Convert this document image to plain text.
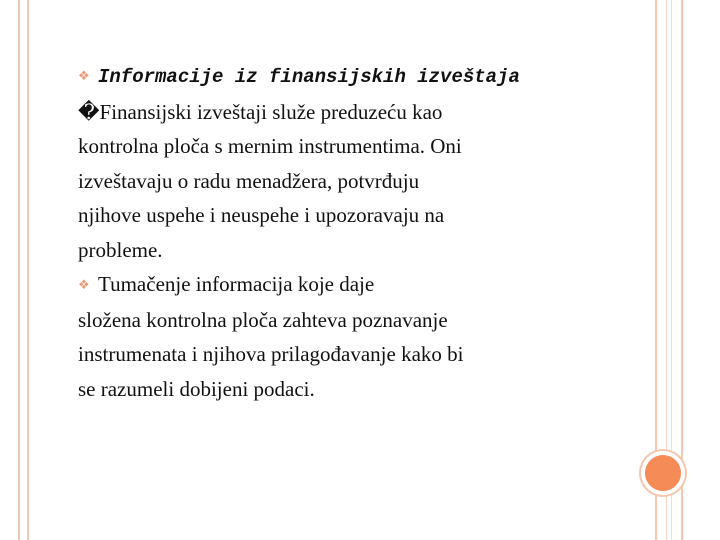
❖ Informacije iz finansijskih izveštaja
�Finansijski izveštaji služe preduzeću kao
kontrolna ploča s mernim instrumentima. Oni
izveštavaju o radu menadžera, potvrđuju
njihove uspehe i neuspehe i upozoravaju na
probleme.
❖ Tumačenje informacija koje daje
složena kontrolna ploča zahteva poznavanje
instrumenata i njihova prilagođavanje kako bi
se razumeli dobijeni podaci.
